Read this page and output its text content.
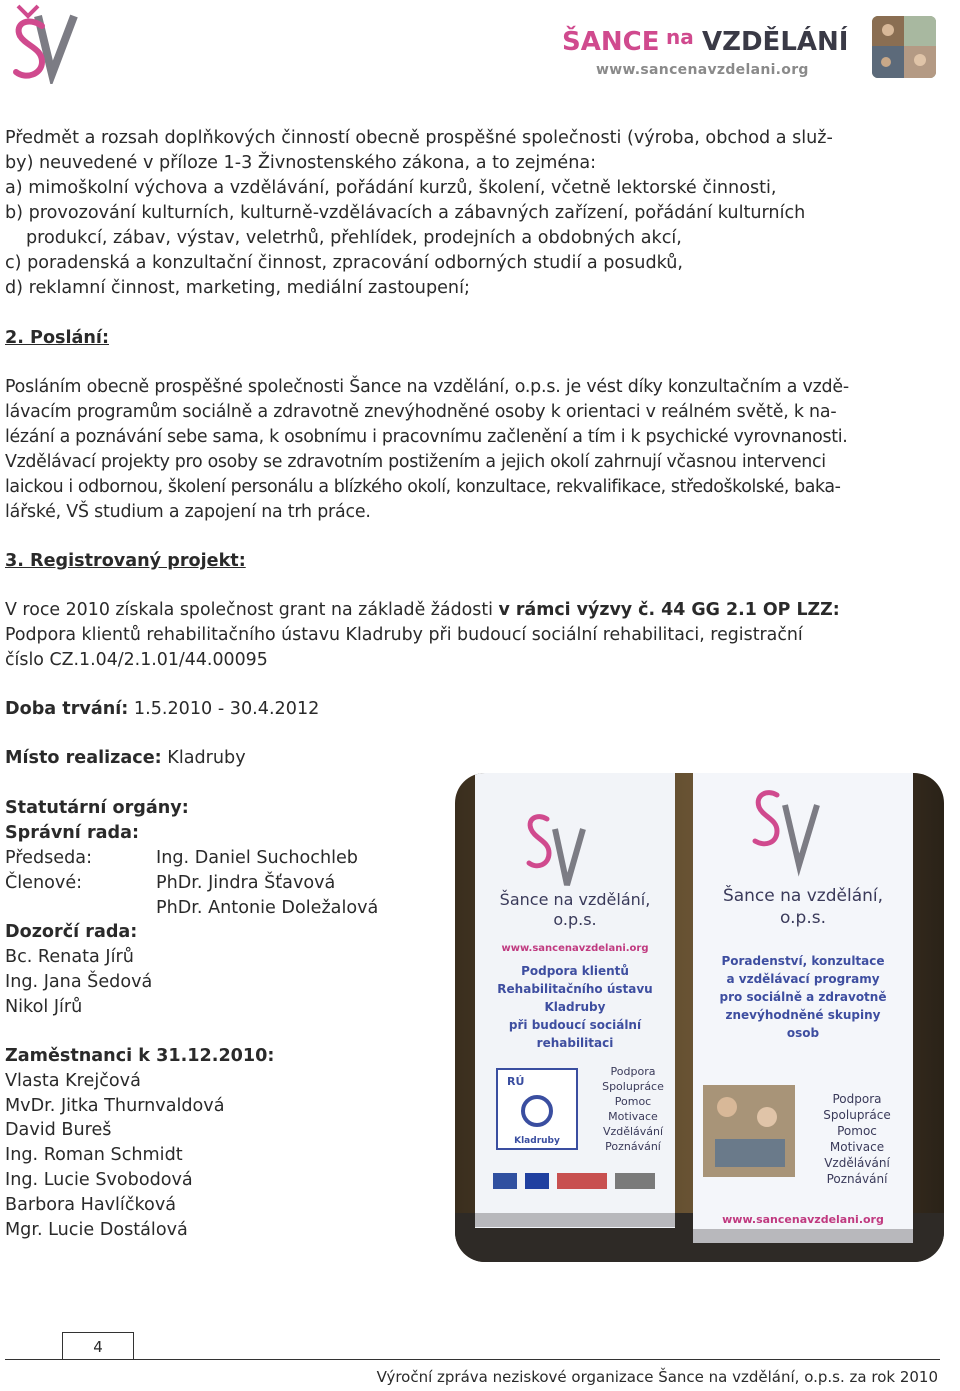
ŠANCE na VZDĚLÁNÍ
www.sancenavzdelani.org
Předmět a rozsah doplňkových činností obecně prospěšné společnosti (výroba, obchod a služ-
by) neuvedené v příloze 1-3 Živnostenského zákona, a to zejména:
a) mimoškolní výchova a vzdělávání, pořádání kurzů, školení, včetně lektorské činnosti,
b) provozování kulturních, kulturně-vzdělávacích a zábavných zařízení, pořádání kulturních
produkcí, zábav, výstav, veletrhů, přehlídek, prodejních a obdobných akcí,
c) poradenská a konzultační činnost, zpracování odborných studií a posudků,
d) reklamní činnost, marketing, mediální zastoupení;
2. Poslání:
Posláním obecně prospěšné společnosti Šance na vzdělání, o.p.s. je vést díky konzultačním a vzdě-
lávacím programům sociálně a zdravotně znevýhodněné osoby k orientaci v reálném světě, k na-
lézání a poznávání sebe sama, k osobnímu i pracovnímu začlenění a tím i k psychické vyrovnanosti.
Vzdělávací projekty pro osoby se zdravotním postižením a jejich okolí zahrnují včasnou intervenci
laickou i odbornou, školení personálu a blízkého okolí, konzultace, rekvalifikace, středoškolské, baka-
lářské, VŠ studium a zapojení na trh práce.
3. Registrovaný projekt:
V roce 2010 získala společnost grant na základě žádosti v rámci výzvy č. 44 GG 2.1 OP LZZ:
Podpora klientů rehabilitačního ústavu Kladruby při budoucí sociální rehabilitaci, registrační
číslo CZ.1.04/2.1.01/44.00095
Doba trvání: 1.5.2010 - 30.4.2012
Místo realizace: Kladruby
Statutární orgány:
Správní rada:
Předseda:	Ing. Daniel Suchochleb
Členové:	PhDr. Jindra Šťavová
PhDr. Antonie Doležalová
Dozorčí rada:
Bc. Renata Jírů
Ing. Jana Šedová
Nikol Jírů
Zaměstnanci k 31.12.2010:
Vlasta Krejčová
MvDr. Jitka Thurnvaldová
David Bureš
Ing. Roman Schmidt
Ing. Lucie Svobodová
Barbora Havlíčková
Mgr. Lucie Dostálová
Šance na vzdělání,
o.p.s.
www.sancenavzdelani.org
Podpora klientů
Rehabilitačního ústavu
Kladruby
při budoucí sociální
rehabilitaci
RÚ
Kladruby
Podpora
Spolupráce
Pomoc
Motivace
Vzdělávání
Poznávání
Šance na vzdělání,
o.p.s.
Poradenství, konzultace
a vzdělávací programy
pro sociálně a zdravotně
znevýhodněné skupiny
osob
Podpora
Spolupráce
Pomoc
Motivace
Vzdělávání
Poznávání
www.sancenavzdelani.org
4
Výroční zpráva neziskové organizace Šance na vzdělání, o.p.s. za rok 2010
